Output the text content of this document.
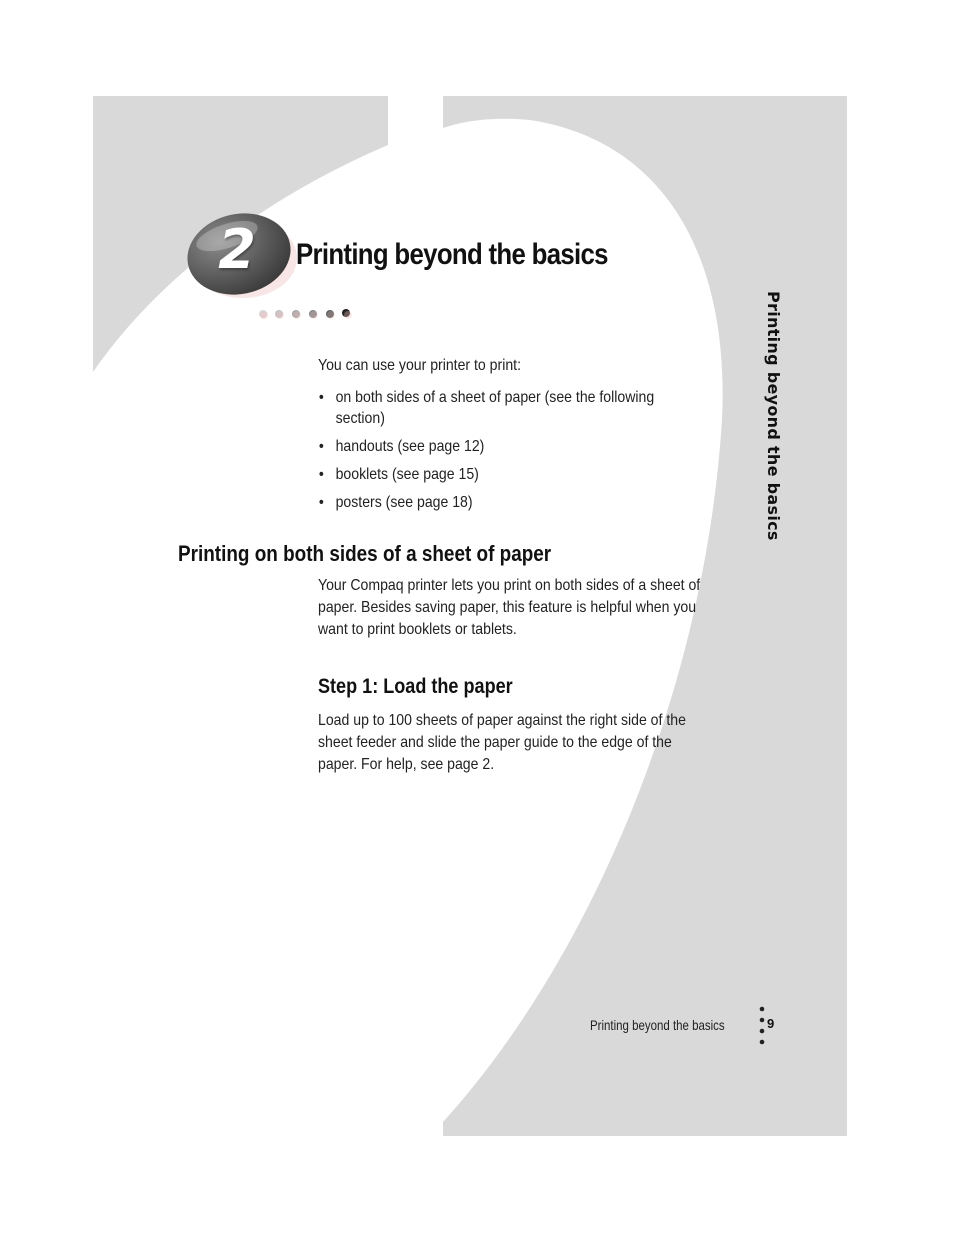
2	Printing beyond the basics

You can use your printer to print:

• on both sides of a sheet of paper (see the following section)
• handouts (see page 12)
• booklets (see page 15)
• posters (see page 18)
Printing on both sides of a sheet of paper

Your Compaq printer lets you print on both sides of a sheet of paper. Besides saving paper, this feature is helpful when you want to print booklets or tablets.

Step 1: Load the paper

Load up to 100 sheets of paper against the right side of the sheet feeder and slide the paper guide to the edge of the paper. For help, see page 2.

Printing beyond the basics
Printing beyond the basics	9
